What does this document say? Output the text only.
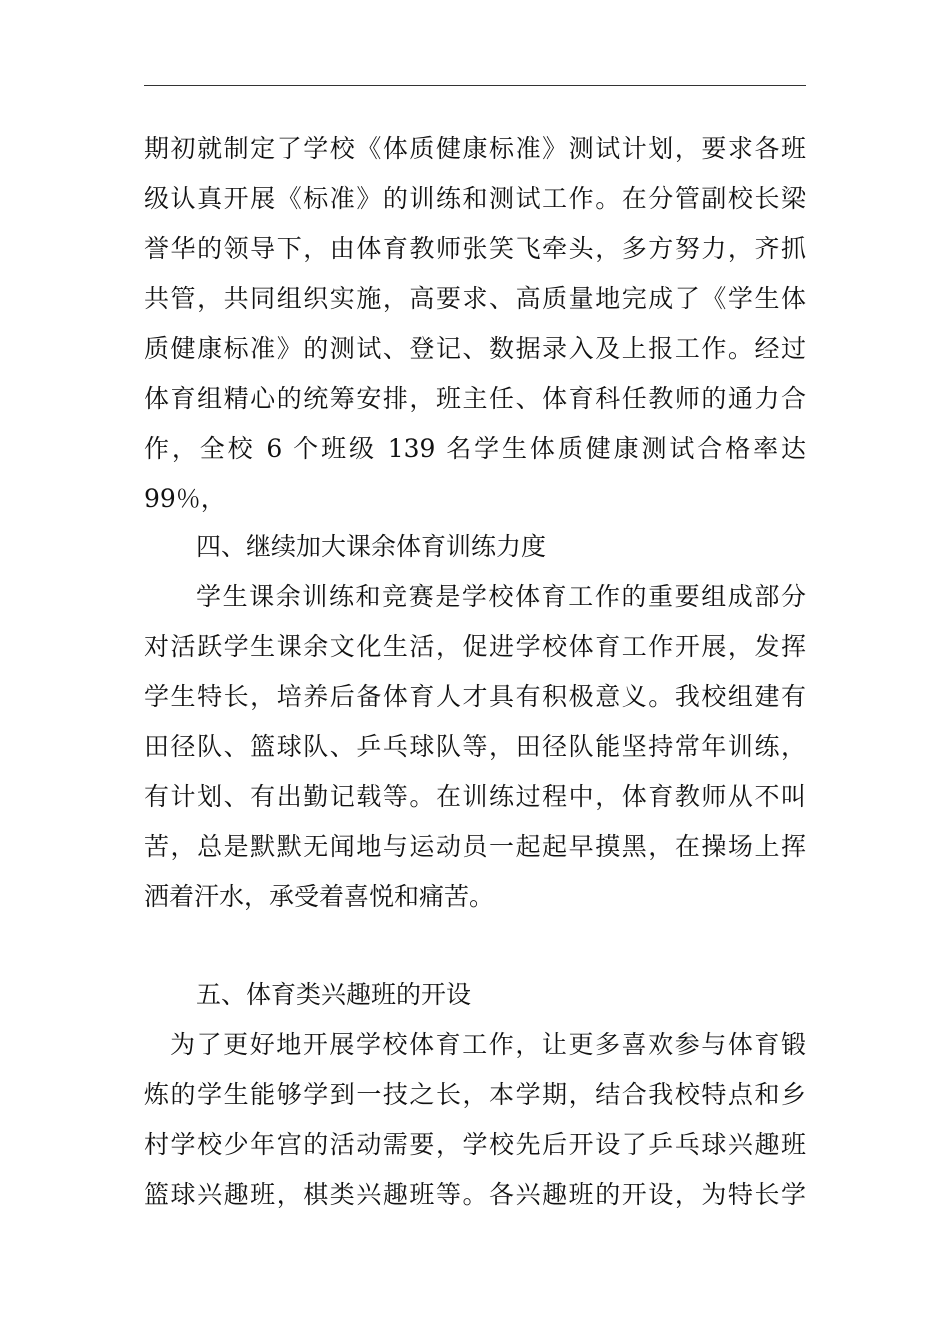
期初就制定了学校《体质健康标准》测试计划，要求各班
级认真开展《标准》的训练和测试工作。在分管副校长梁
誉华的领导下，由体育教师张笑飞牵头，多方努力，齐抓
共管，共同组织实施，高要求、高质量地完成了《学生体
质健康标准》的测试、登记、数据录入及上报工作。经过
体育组精心的统筹安排，班主任、体育科任教师的通力合
作，全校 6 个班级 139 名学生体质健康测试合格率达
99％，
四、继续加大课余体育训练力度
学生课余训练和竞赛是学校体育工作的重要组成部分
对活跃学生课余文化生活，促进学校体育工作开展，发挥
学生特长，培养后备体育人才具有积极意义。我校组建有
田径队、篮球队、乒乓球队等，田径队能坚持常年训练，
有计划、有出勤记载等。在训练过程中，体育教师从不叫
苦，总是默默无闻地与运动员一起起早摸黑，在操场上挥
洒着汗水，承受着喜悦和痛苦。
五、体育类兴趣班的开设
为了更好地开展学校体育工作，让更多喜欢参与体育锻
炼的学生能够学到一技之长，本学期，结合我校特点和乡
村学校少年宫的活动需要，学校先后开设了乒乓球兴趣班
篮球兴趣班，棋类兴趣班等。各兴趣班的开设，为特长学
